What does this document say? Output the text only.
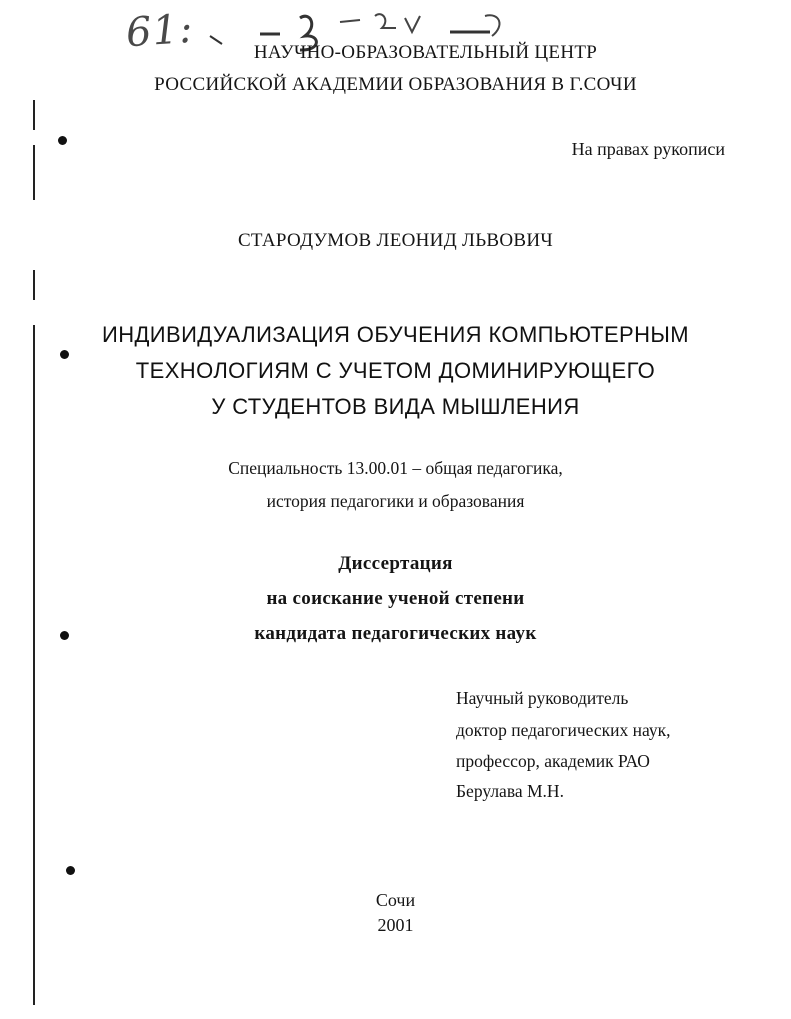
61:	НАУЧНО-ОБРАЗОВАТЕЛЬНЫЙ ЦЕНТР
РОССИЙСКОЙ АКАДЕМИИ ОБРАЗОВАНИЯ В Г.СОЧИ
На правах рукописи
СТАРОДУМОВ ЛЕОНИД ЛЬВОВИЧ
ИНДИВИДУАЛИЗАЦИЯ ОБУЧЕНИЯ КОМПЬЮТЕРНЫМ
ТЕХНОЛОГИЯМ С УЧЕТОМ ДОМИНИРУЮЩЕГО
У СТУДЕНТОВ ВИДА МЫШЛЕНИЯ
Специальность 13.00.01 – общая педагогика,
история педагогики и образования
Диссертация
на соискание ученой степени
кандидата педагогических наук
Научный руководитель
доктор педагогических наук,
профессор, академик РАО
Берулава М.Н.
Сочи
2001
